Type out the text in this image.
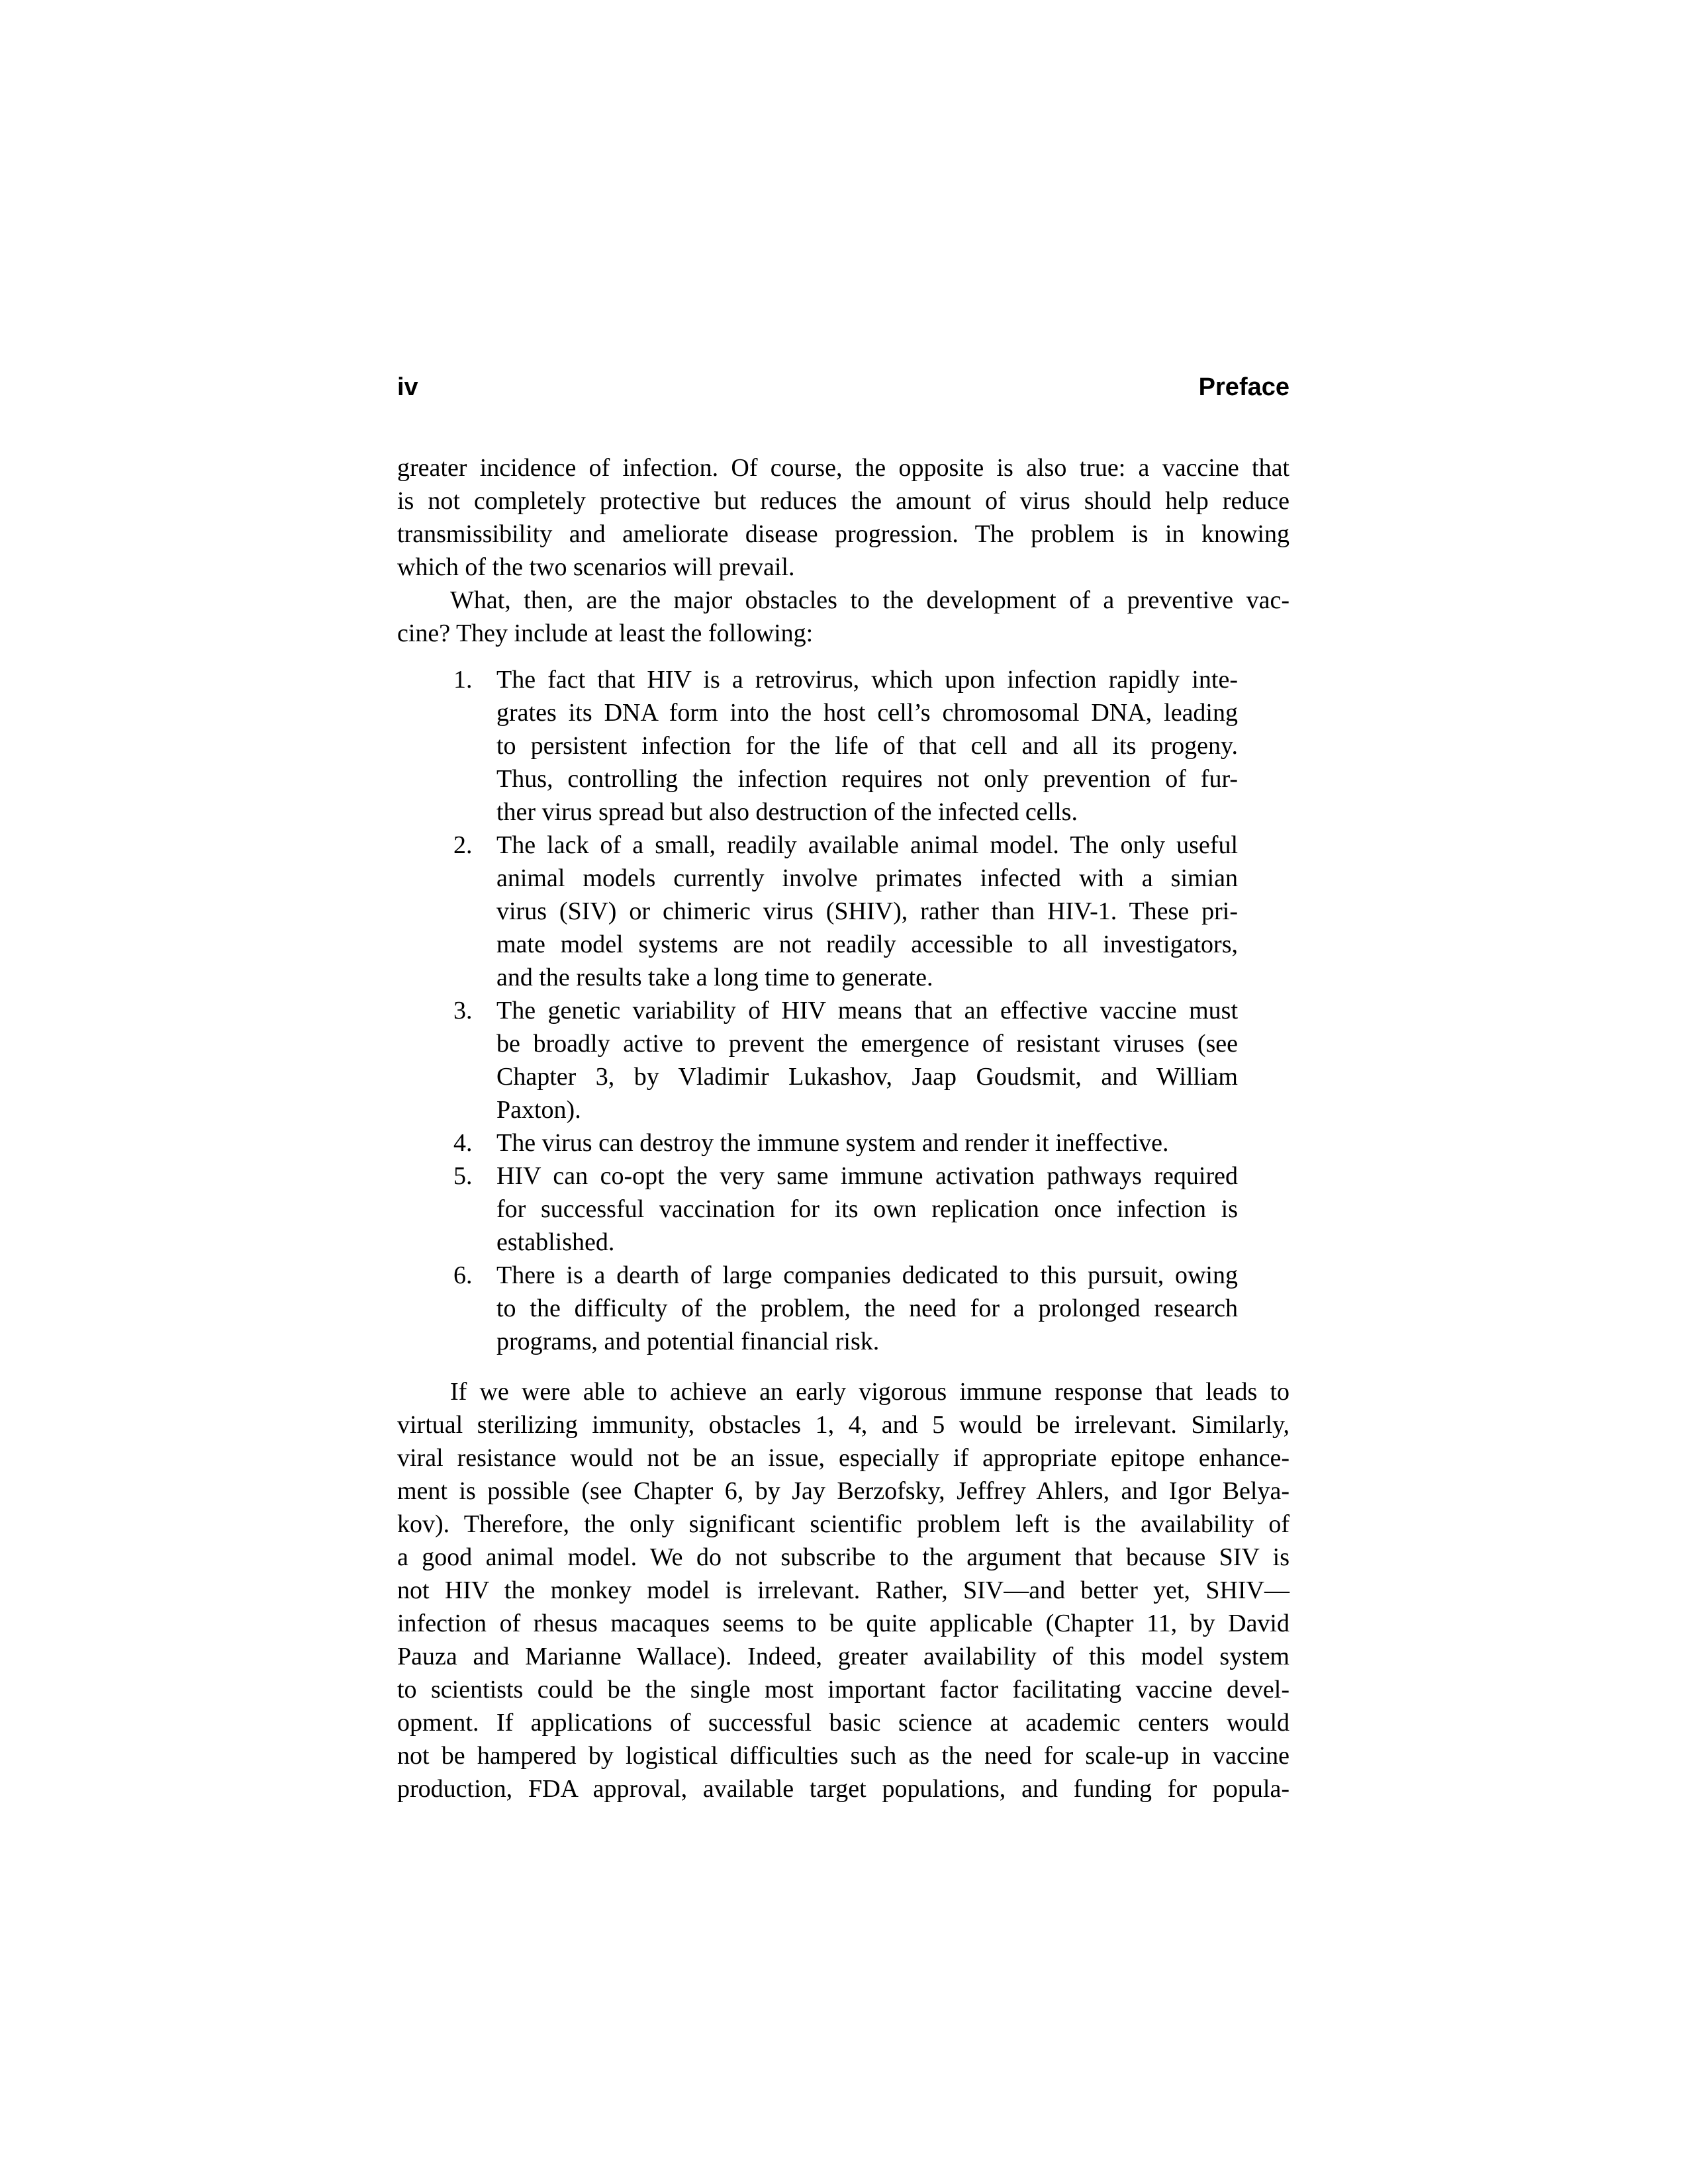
iv	Preface
greater incidence of infection. Of course, the opposite is also true: a vaccine that
is not completely protective but reduces the amount of virus should help reduce
transmissibility and ameliorate disease progression. The problem is in knowing
which of the two scenarios will prevail.
What, then, are the major obstacles to the development of a preventive vac-
cine? They include at least the following:
1. The fact that HIV is a retrovirus, which upon infection rapidly inte-
grates its DNA form into the host cell’s chromosomal DNA, leading
to persistent infection for the life of that cell and all its progeny.
Thus, controlling the infection requires not only prevention of fur-
ther virus spread but also destruction of the infected cells.
2. The lack of a small, readily available animal model. The only useful
animal models currently involve primates infected with a simian
virus (SIV) or chimeric virus (SHIV), rather than HIV-1. These pri-
mate model systems are not readily accessible to all investigators,
and the results take a long time to generate.
3. The genetic variability of HIV means that an effective vaccine must
be broadly active to prevent the emergence of resistant viruses (see
Chapter 3, by Vladimir Lukashov, Jaap Goudsmit, and William
Paxton).
4. The virus can destroy the immune system and render it ineffective.
5. HIV can co-opt the very same immune activation pathways required
for successful vaccination for its own replication once infection is
established.
6. There is a dearth of large companies dedicated to this pursuit, owing
to the difficulty of the problem, the need for a prolonged research
programs, and potential financial risk.
If we were able to achieve an early vigorous immune response that leads to
virtual sterilizing immunity, obstacles 1, 4, and 5 would be irrelevant. Similarly,
viral resistance would not be an issue, especially if appropriate epitope enhance-
ment is possible (see Chapter 6, by Jay Berzofsky, Jeffrey Ahlers, and Igor Belya-
kov). Therefore, the only significant scientific problem left is the availability of
a good animal model. We do not subscribe to the argument that because SIV is
not HIV the monkey model is irrelevant. Rather, SIV—and better yet, SHIV—
infection of rhesus macaques seems to be quite applicable (Chapter 11, by David
Pauza and Marianne Wallace). Indeed, greater availability of this model system
to scientists could be the single most important factor facilitating vaccine devel-
opment. If applications of successful basic science at academic centers would
not be hampered by logistical difficulties such as the need for scale-up in vaccine
production, FDA approval, available target populations, and funding for popula-
